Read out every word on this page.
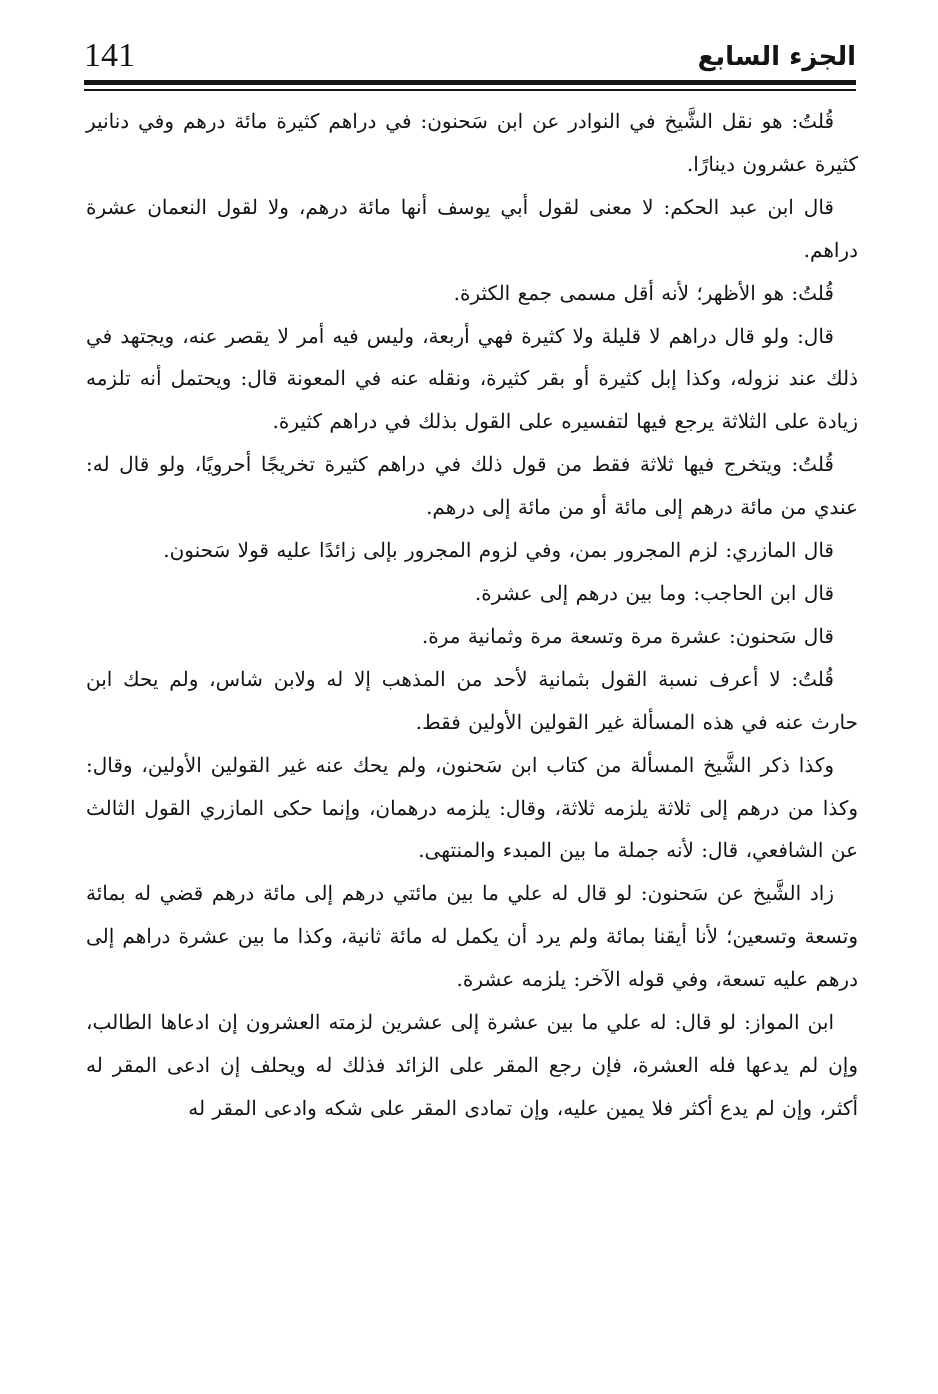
141	الجزء السابع

قُلتُ: هو نقل الشَّيخ في النوادر عن ابن سَحنون: في دراهم كثيرة مائة درهم وفي دنانير كثيرة عشرون دينارًا.

قال ابن عبد الحكم: لا معنى لقول أبي يوسف أنها مائة درهم، ولا لقول النعمان عشرة دراهم.

قُلتُ: هو الأظهر؛ لأنه أقل مسمى جمع الكثرة.

قال: ولو قال دراهم لا قليلة ولا كثيرة فهي أربعة، وليس فيه أمر لا يقصر عنه، ويجتهد في ذلك عند نزوله، وكذا إبل كثيرة أو بقر كثيرة، ونقله عنه في المعونة قال: ويحتمل أنه تلزمه زيادة على الثلاثة يرجع فيها لتفسيره على القول بذلك في دراهم كثيرة.

قُلتُ: ويتخرج فيها ثلاثة فقط من قول ذلك في دراهم كثيرة تخريجًا أحرويًا، ولو قال له: عندي من مائة درهم إلى مائة أو من مائة إلى درهم.

قال المازري: لزم المجرور بمن، وفي لزوم المجرور بإلى زائدًا عليه قولا سَحنون.

قال ابن الحاجب: وما بين درهم إلى عشرة.

قال سَحنون: عشرة مرة وتسعة مرة وثمانية مرة.

قُلتُ: لا أعرف نسبة القول بثمانية لأحد من المذهب إلا له ولابن شاس، ولم يحك ابن حارث عنه في هذه المسألة غير القولين الأولين فقط.

وكذا ذكر الشَّيخ المسألة من كتاب ابن سَحنون، ولم يحك عنه غير القولين الأولين، وقال: وكذا من درهم إلى ثلاثة يلزمه ثلاثة، وقال: يلزمه درهمان، وإنما حكى المازري القول الثالث عن الشافعي، قال: لأنه جملة ما بين المبدء والمنتهى.

زاد الشَّيخ عن سَحنون: لو قال له علي ما بين مائتي درهم إلى مائة درهم قضي له بمائة وتسعة وتسعين؛ لأنا أيقنا بمائة ولم يرد أن يكمل له مائة ثانية، وكذا ما بين عشرة دراهم إلى درهم عليه تسعة، وفي قوله الآخر: يلزمه عشرة.

ابن المواز: لو قال: له علي ما بين عشرة إلى عشرين لزمته العشرون إن ادعاها الطالب، وإن لم يدعها فله العشرة، فإن رجع المقر على الزائد فذلك له ويحلف إن ادعى المقر له أكثر، وإن لم يدع أكثر فلا يمين عليه، وإن تمادى المقر على شكه وادعى المقر له
